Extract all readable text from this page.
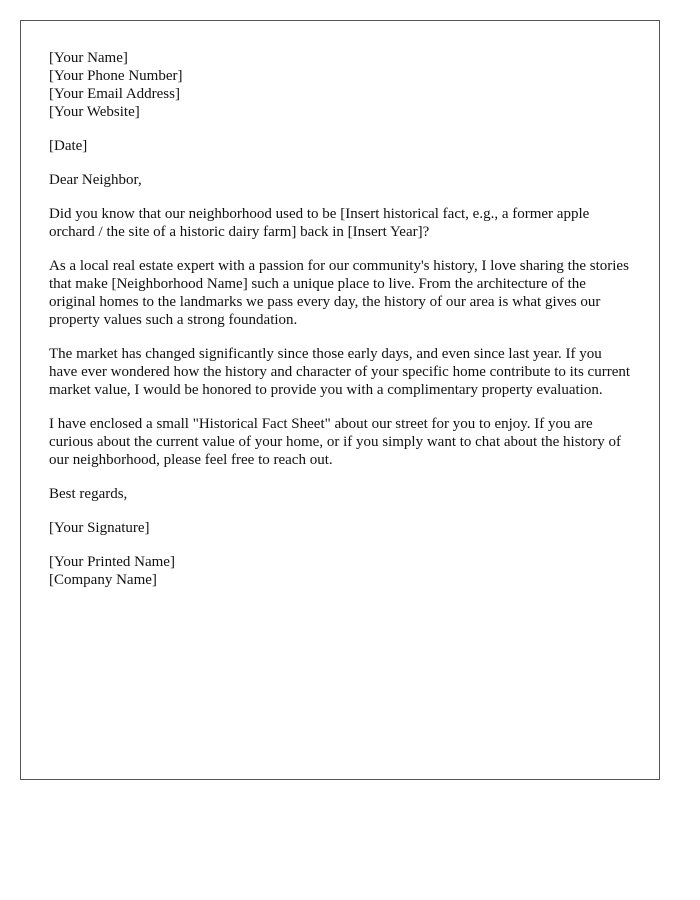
[Your Name]
[Your Phone Number]
[Your Email Address]
[Your Website]

[Date]

Dear Neighbor,

Did you know that our neighborhood used to be [Insert historical fact, e.g., a former apple orchard / the site of a historic dairy farm] back in [Insert Year]?

As a local real estate expert with a passion for our community's history, I love sharing the stories that make [Neighborhood Name] such a unique place to live. From the architecture of the original homes to the landmarks we pass every day, the history of our area is what gives our property values such a strong foundation.

The market has changed significantly since those early days, and even since last year. If you have ever wondered how the history and character of your specific home contribute to its current market value, I would be honored to provide you with a complimentary property evaluation.

I have enclosed a small "Historical Fact Sheet" about our street for you to enjoy. If you are curious about the current value of your home, or if you simply want to chat about the history of our neighborhood, please feel free to reach out.

Best regards,

[Your Signature]

[Your Printed Name]
[Company Name]
